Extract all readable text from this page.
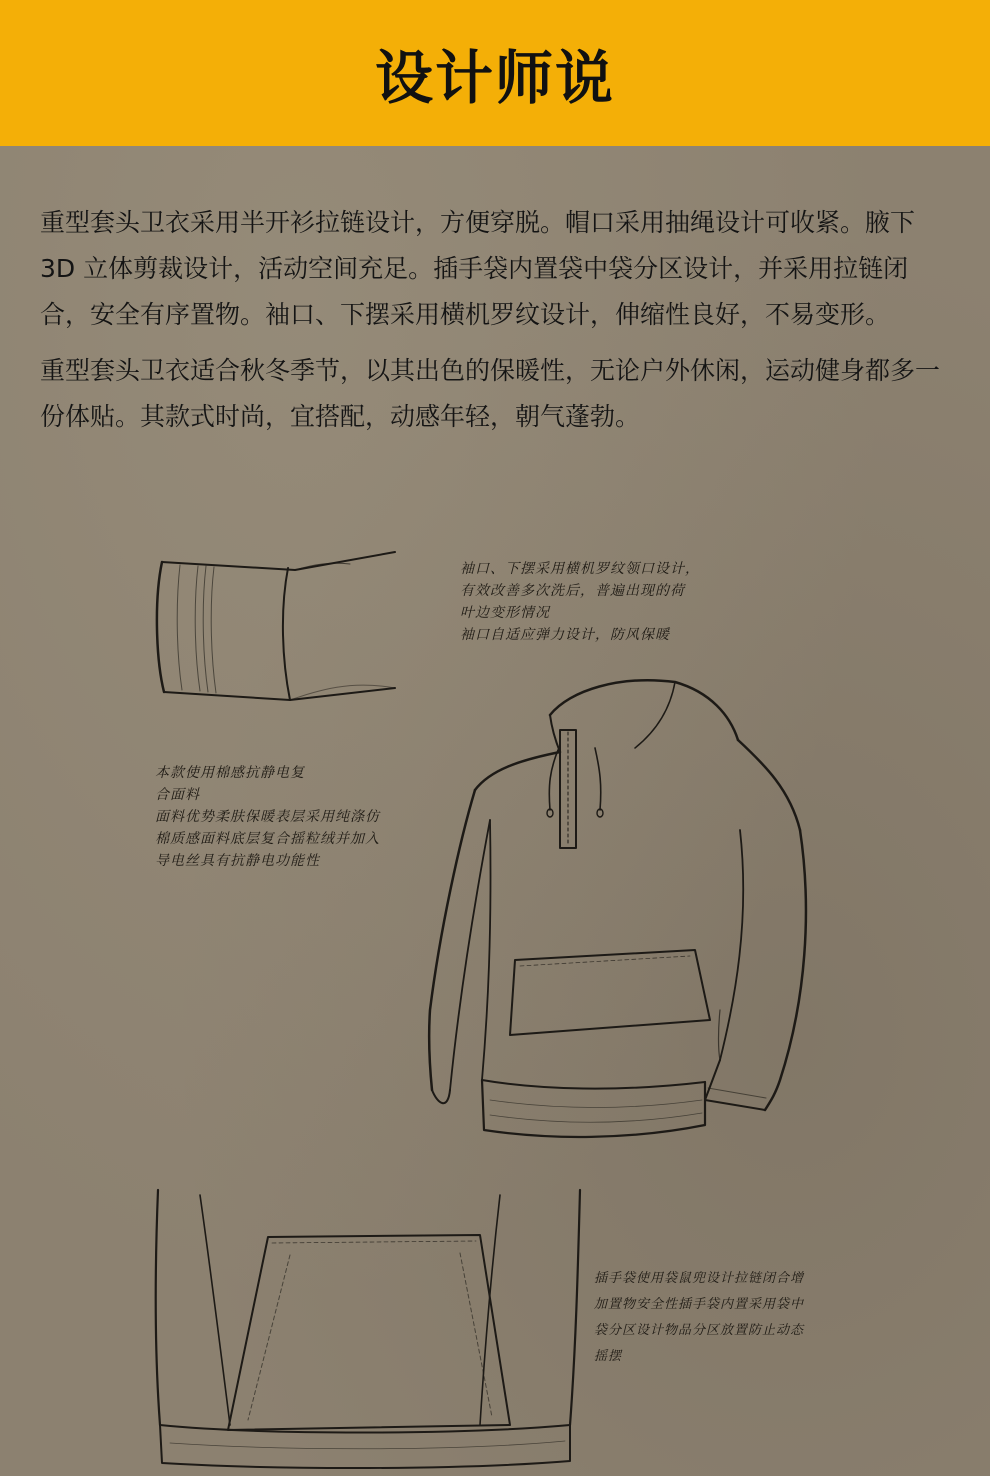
设计师说

重型套头卫衣采用半开衫拉链设计，方便穿脱。帽口采用抽绳设计可收紧。腋下 3D 立体剪裁设计，活动空间充足。插手袋内置袋中袋分区设计，并采用拉链闭合，安全有序置物。袖口、下摆采用横机罗纹设计，伸缩性良好，不易变形。

重型套头卫衣适合秋冬季节，以其出色的保暖性，无论户外休闲，运动健身都多一份体贴。其款式时尚，宜搭配，动感年轻，朝气蓬勃。

袖口、下摆采用横机罗纹领口设计，
有效改善多次洗后，普遍出现的荷
叶边变形情况
袖口自适应弹力设计，防风保暖
本款使用棉感抗静电复
合面料
面料优势柔肤保暖表层采用纯涤仿
棉质感面料底层复合摇粒绒并加入
导电丝具有抗静电功能性
插手袋使用袋鼠兜设计拉链闭合增
加置物安全性插手袋内置采用袋中
袋分区设计物品分区放置防止动态
摇摆
